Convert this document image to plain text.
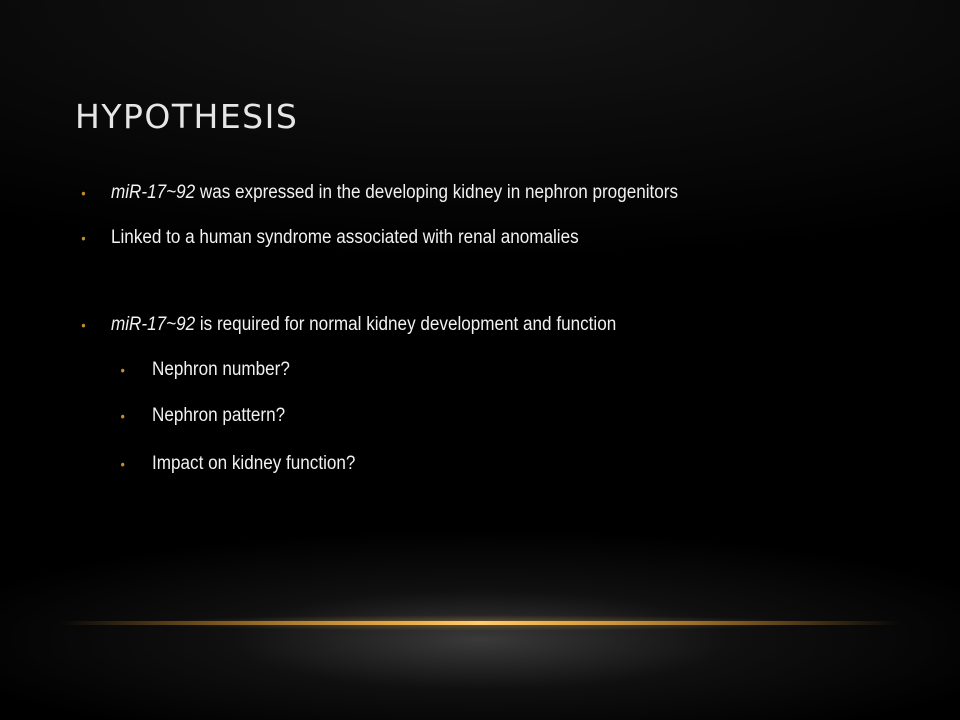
HYPOTHESIS
• miR-17~92 was expressed in the developing kidney in nephron progenitors
• Linked to a human syndrome associated with renal anomalies
• miR-17~92 is required for normal kidney development and function
• Nephron number?
• Nephron pattern?
• Impact on kidney function?
